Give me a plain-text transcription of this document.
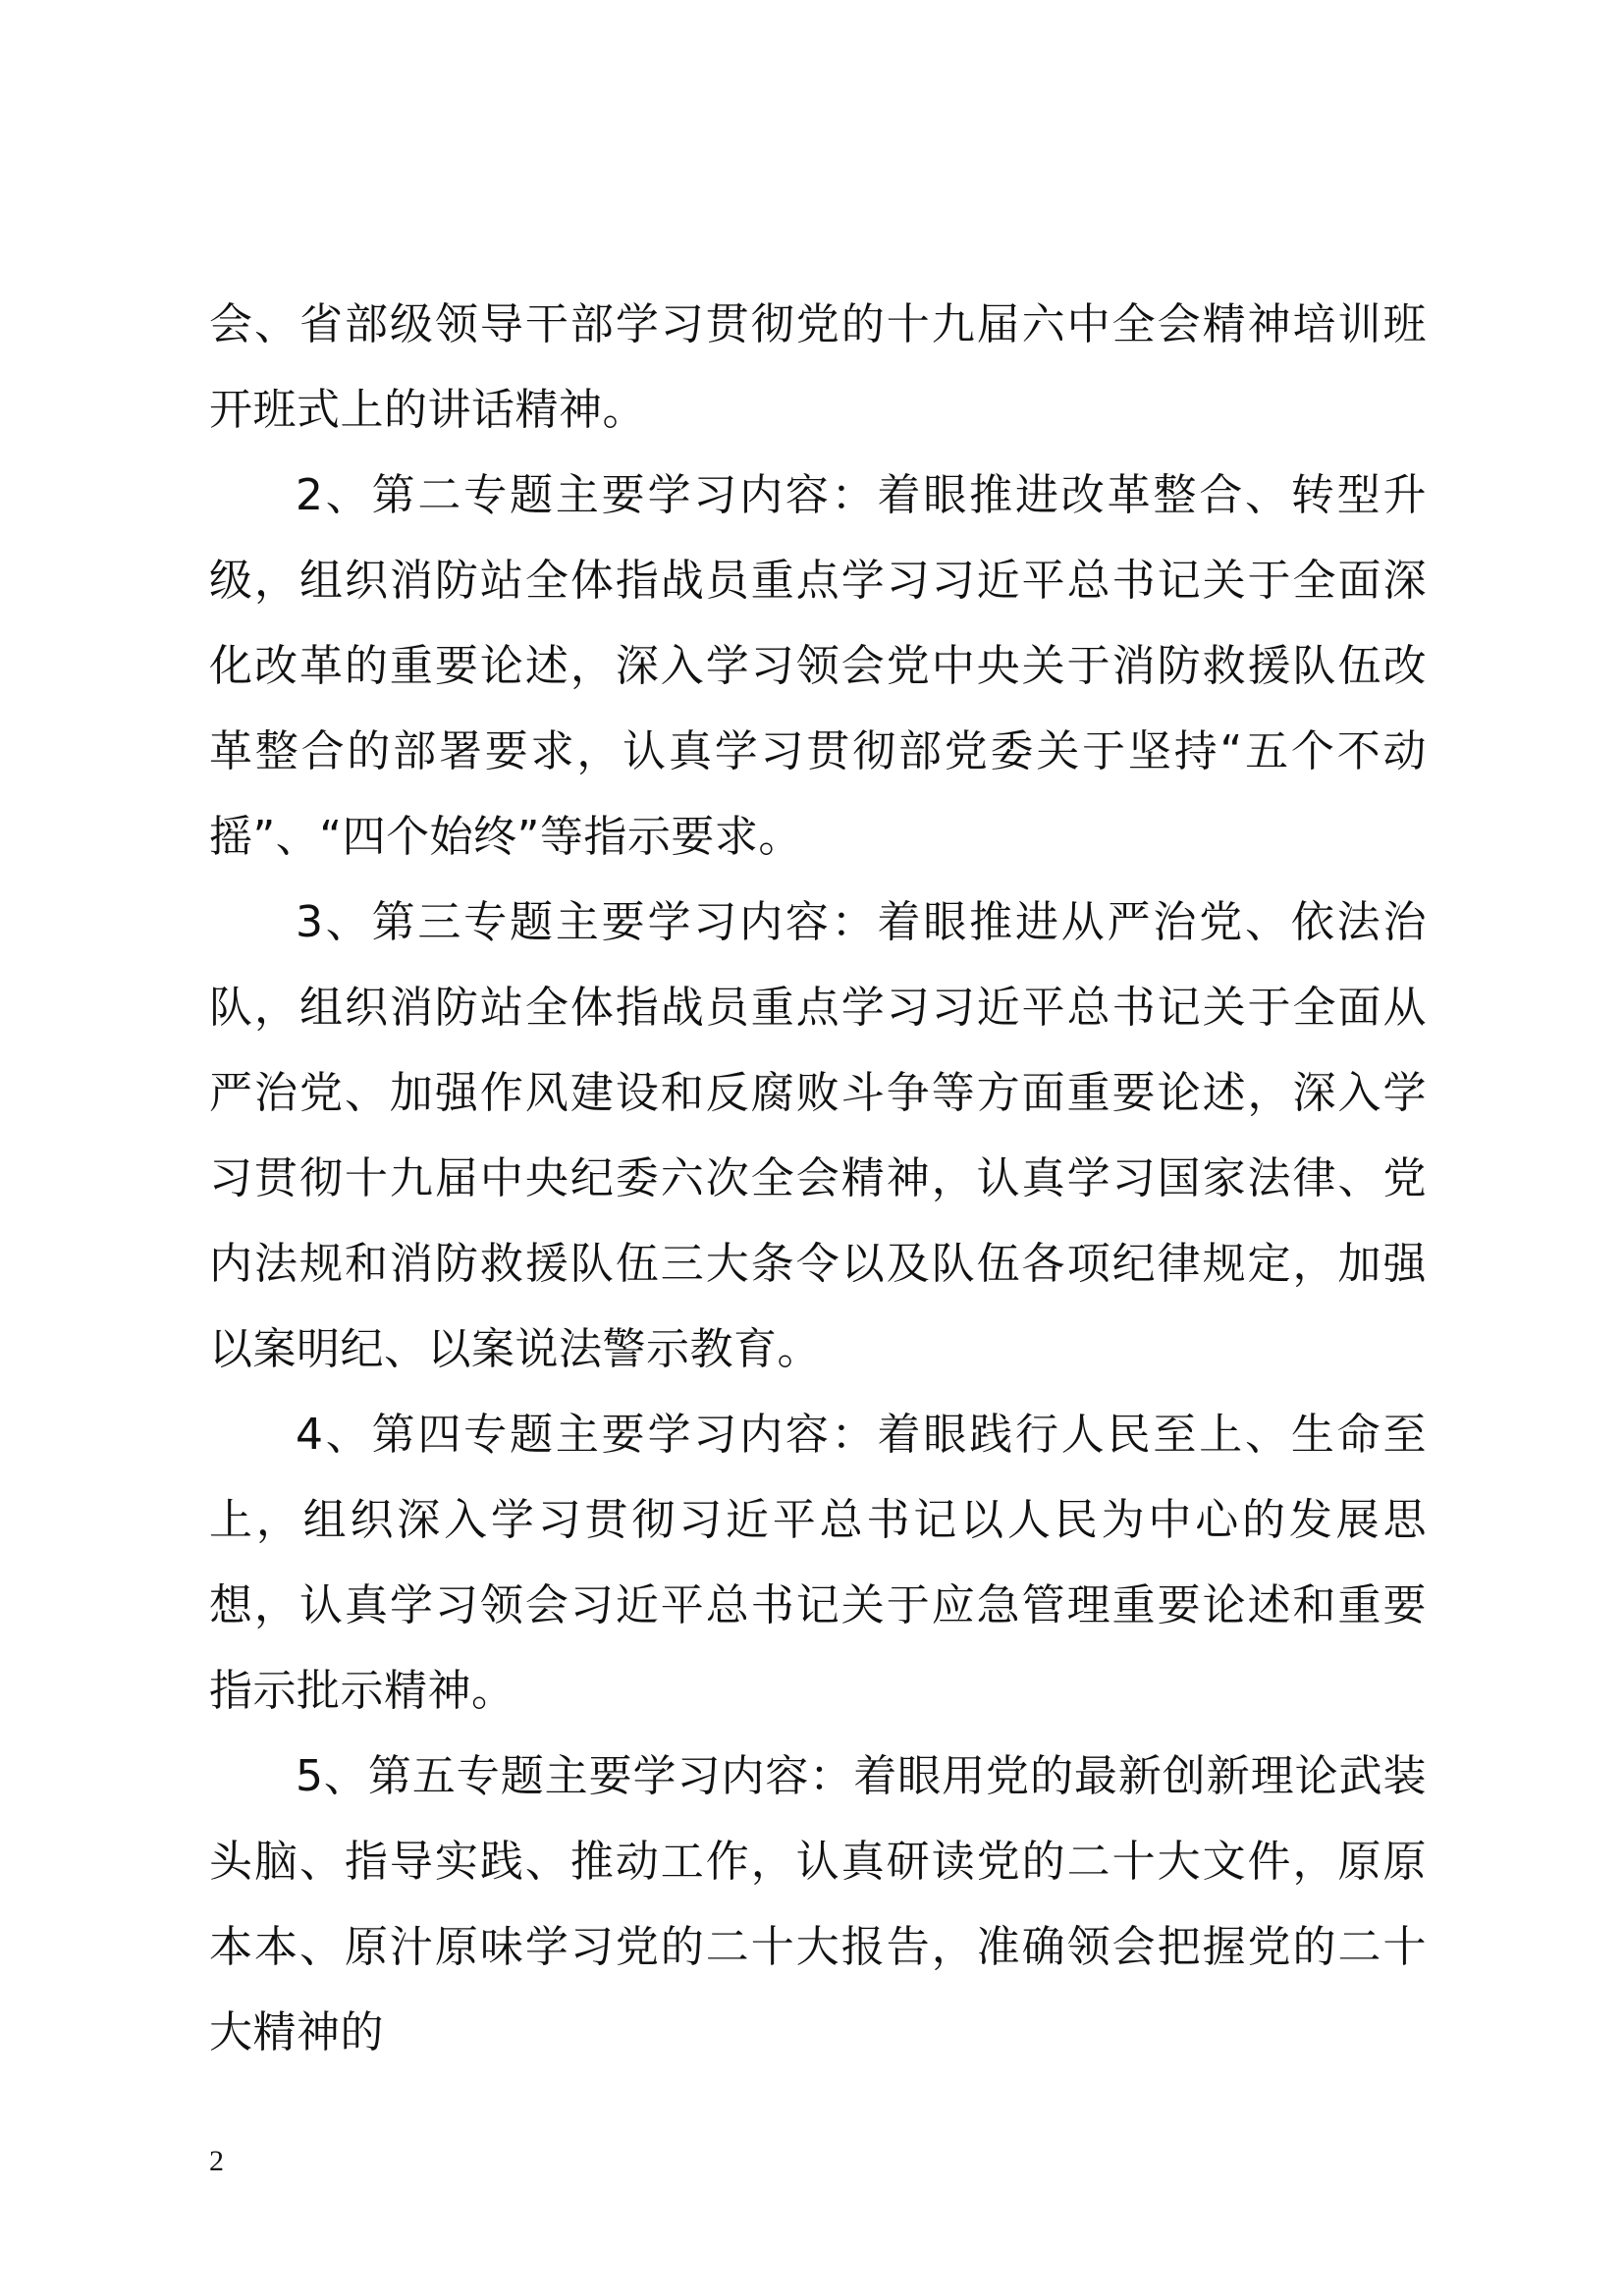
会、省部级领导干部学习贯彻党的十九届六中全会精神培训班开班式上的讲话精神。

2、第二专题主要学习内容：着眼推进改革整合、转型升级，组织消防站全体指战员重点学习习近平总书记关于全面深化改革的重要论述，深入学习领会党中央关于消防救援队伍改革整合的部署要求，认真学习贯彻部党委关于坚持“五个不动摇”、“四个始终”等指示要求。

3、第三专题主要学习内容：着眼推进从严治党、依法治队，组织消防站全体指战员重点学习习近平总书记关于全面从严治党、加强作风建设和反腐败斗争等方面重要论述，深入学习贯彻十九届中央纪委六次全会精神，认真学习国家法律、党内法规和消防救援队伍三大条令以及队伍各项纪律规定，加强以案明纪、以案说法警示教育。

4、第四专题主要学习内容：着眼践行人民至上、生命至上，组织深入学习贯彻习近平总书记以人民为中心的发展思想，认真学习领会习近平总书记关于应急管理重要论述和重要指示批示精神。

5、第五专题主要学习内容：着眼用党的最新创新理论武装头脑、指导实践、推动工作，认真研读党的二十大文件，原原本本、原汁原味学习党的二十大报告，准确领会把握党的二十大精神的

2
